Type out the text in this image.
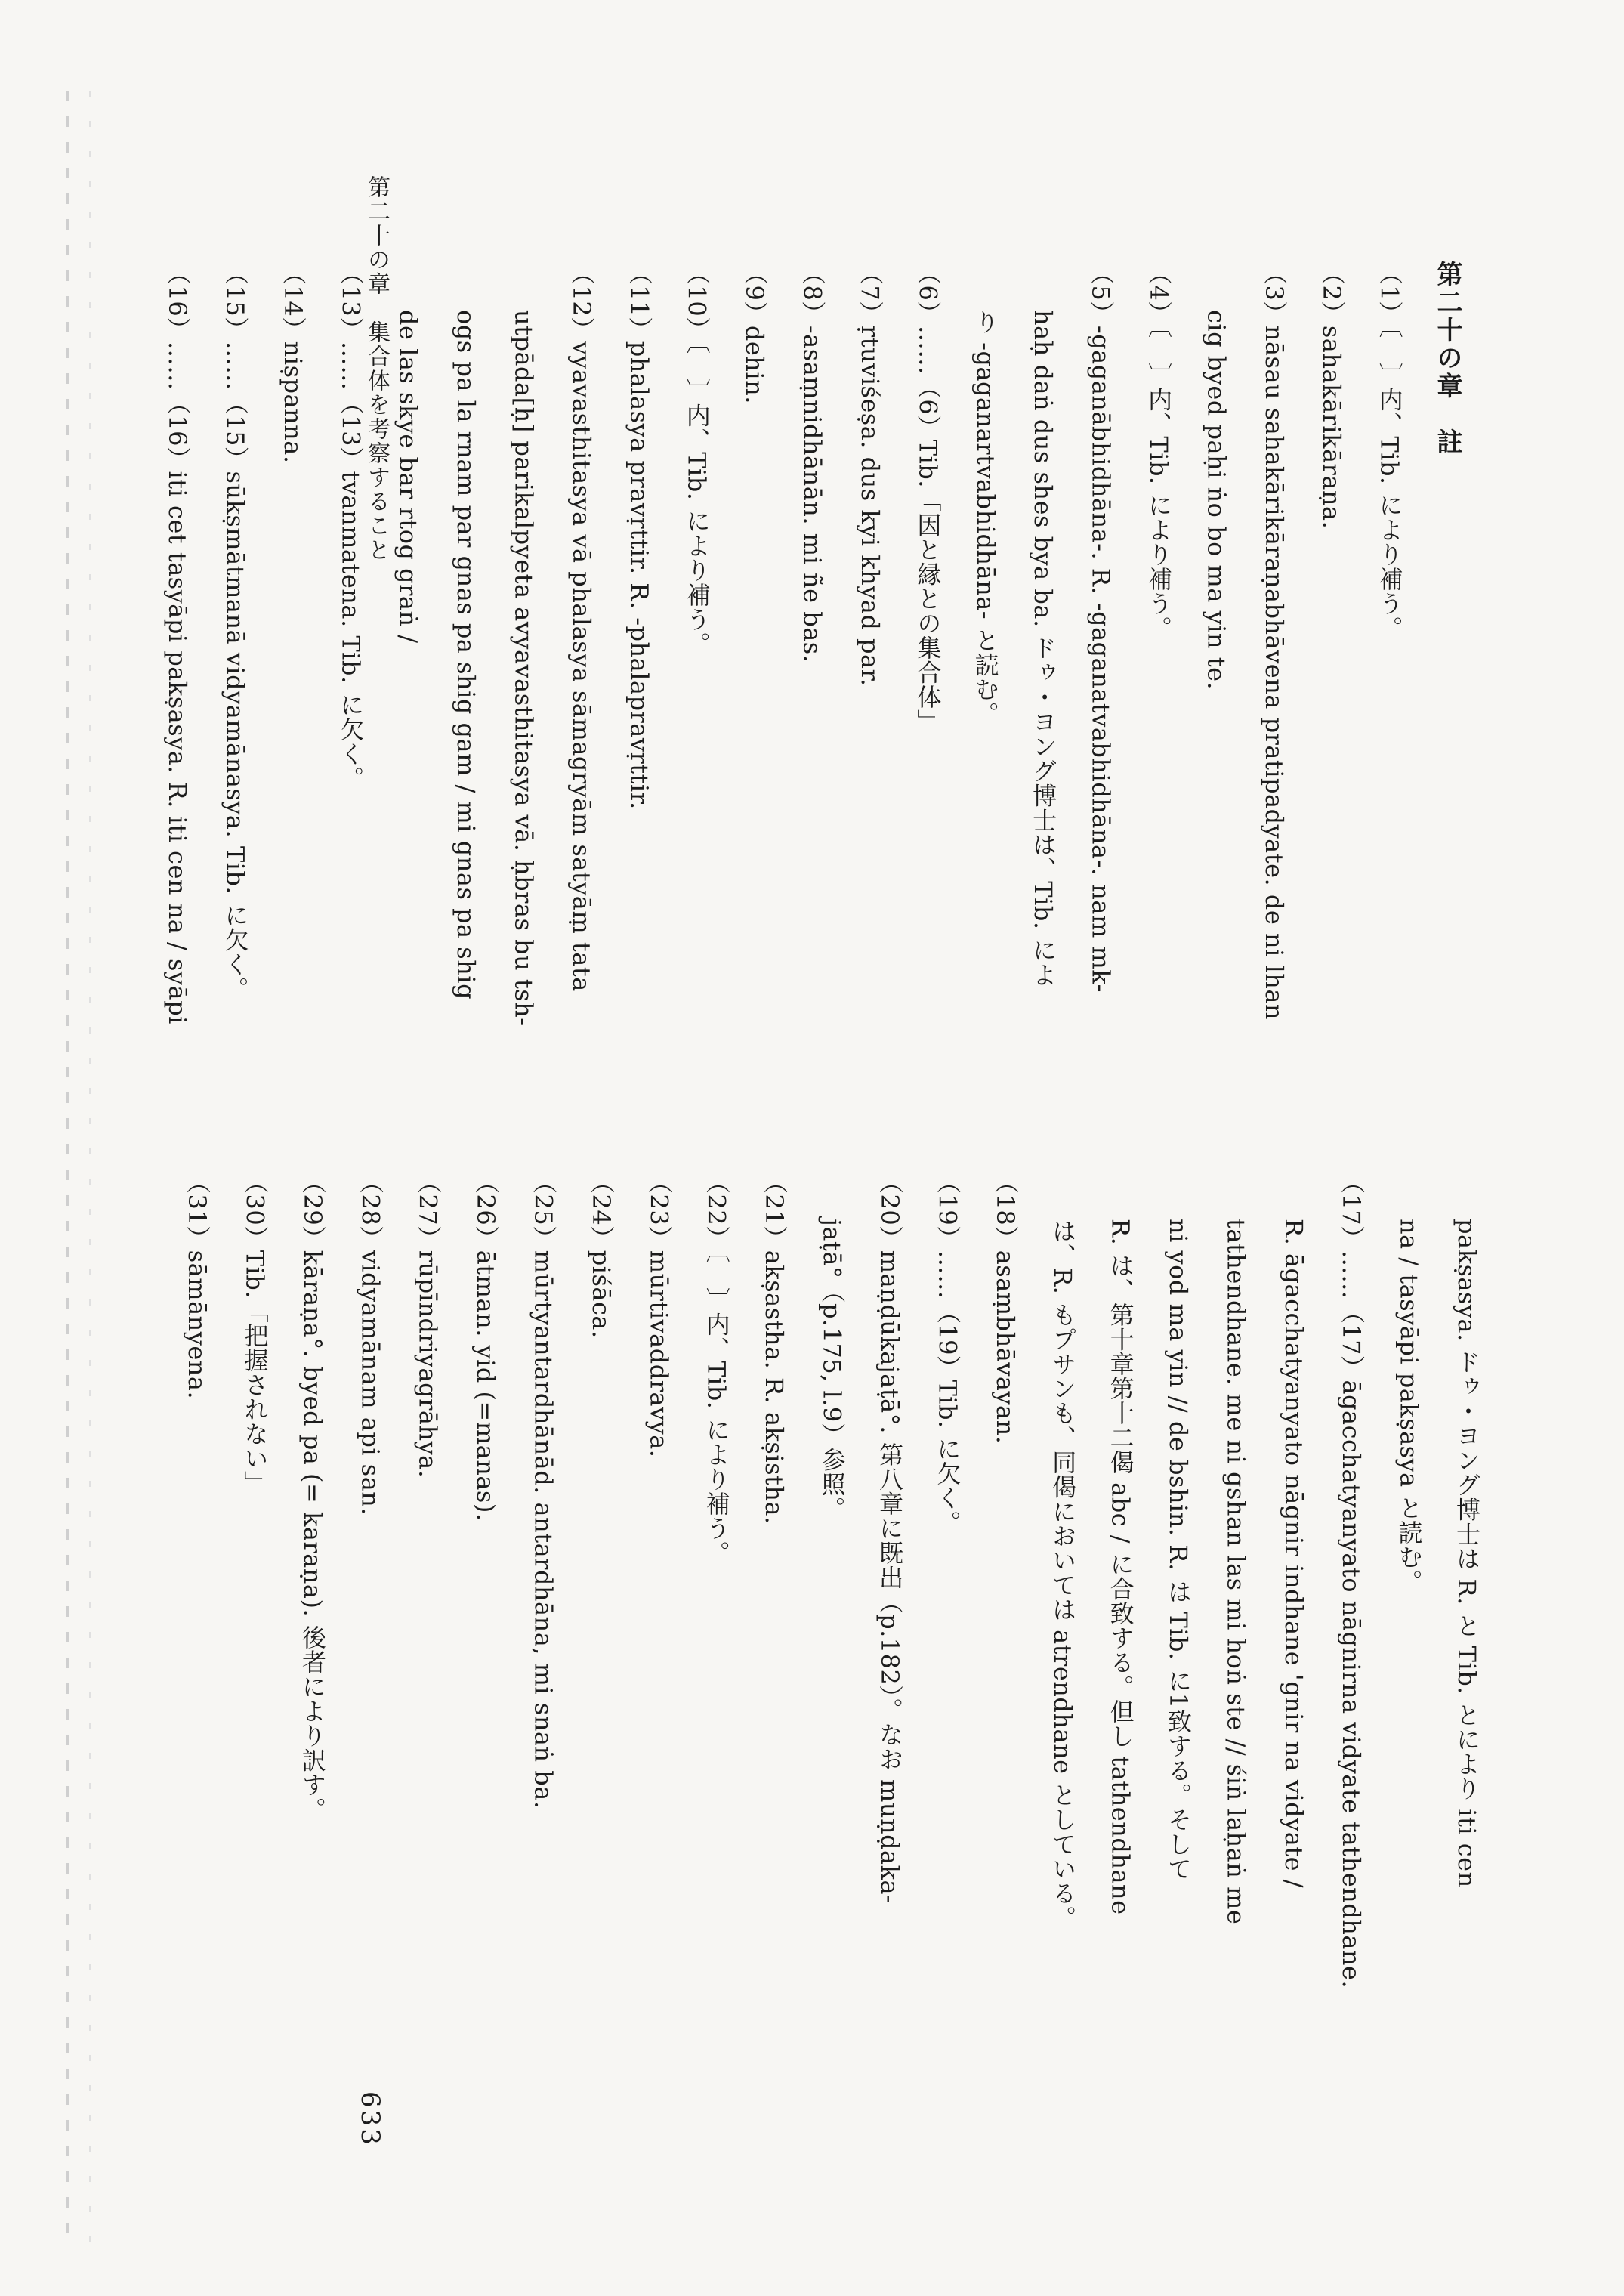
第二十の章　集合体を考察すること	第二十の章　註
（1）〔　〕内、Tib. により補う。
（2）sahakārikāraṇa.
（3）nāsau sahakārikāraṇabhāvena pratipadyate. de ni lhan
　　cig byed paḥi ṅo bo ma yin te.
（4）〔　〕内、Tib. により補う。
（5）-gaganābhidhāna-. R. -gaganatvabhidhāna-. nam mk-
　　haḥ daṅ dus shes bya ba. ドゥ・ヨング博士は、Tib. によ
　　り -gaganartvabhidhāna- と読む。
（6）……（6）Tib.「因と縁との集合体」
（7）ṛtuviśeṣa. dus kyi khyad par.
（8）-asaṃnidhānān. mi ñe bas.
（9）dehin.
（10）〔　〕内、Tib. により補う。
（11）phalasya pravṛttir. R. -phalapravṛttir.
（12）vyavasthitasya vā phalasya sāmagryām satyāṃ tata
　　utpāda[ḥ] parikalpyeta avyavasthitasya vā. ḥbras bu tsh-
　　ogs pa la rnam par gnas pa shig gam / mi gnas pa shig
　　de las skye bar rtog graṅ /
（13）……（13）tvanmatena. Tib. に欠く。
（14）niṣpanna.
（15）……（15）sūkṣmātmanā vidyamānasya. Tib. に欠く。
（16）……（16）iti cet tasyāpi pakṣasya. R. iti cen na / syāpi
　　pakṣasya. ドゥ・ヨング博士は R. と Tib. とにより iti cen
　　na / tasyāpi pakṣasya と読む。
（17）……（17）āgacchatyanyato nāgnirna vidyate tathendhane.
　　R. āgacchatyanyato nāgnir indhane 'gnir na vidyate /
　　tathendhane. me ni gshan las mi hoṅ ste // śiṅ laḥaṅ me
　　ni yod ma yin // de bshin. R. は Tib. に1致する。そして
　　R. は、第十章第十二偈 abc / に合致する。但し tathendhane
　　は、R. もプサンも、同偈においては atrendhane としている。
（18）asaṃbhāvayan.
（19）……（19）Tib. に欠く。
（20）maṇḍūkajaṭā°. 第八章に既出（p.182）。なお muṇḍaka-
　　jaṭā°（p.175, l.9）参照。
（21）akṣastha. R. akṣistha.
（22）〔　〕内、Tib. により補う。
（23）mūrtivaddravya.
（24）piśāca.
（25）mūrtyantardhānād. antardhāna, mi snaṅ ba.
（26）ātman. yid (=manas).
（27）rūpīndriyagrāhya.
（28）vidyamānam api san.
（29）kāraṇa°. byed pa (= karaṇa). 後者により訳す。
（30）Tib.「把握されない」
（31）sāmānyena.
633
